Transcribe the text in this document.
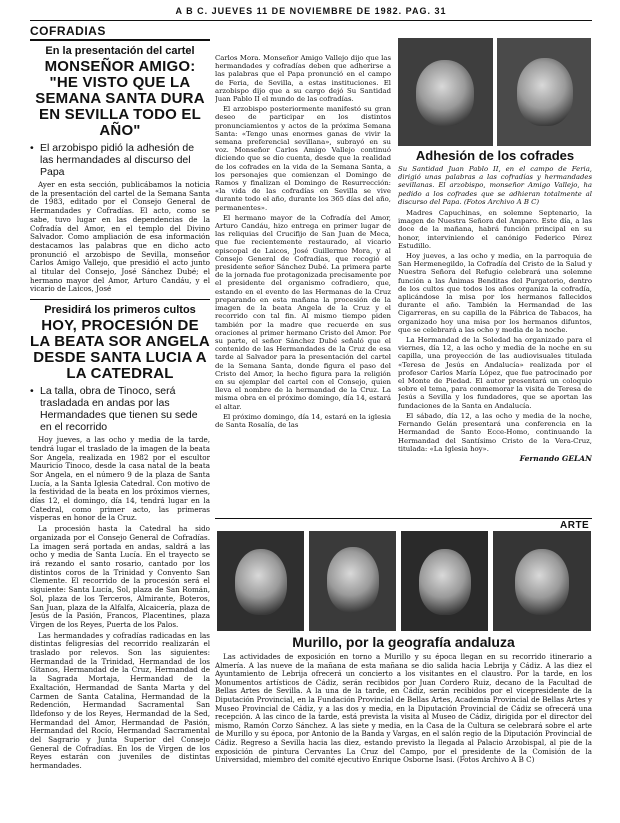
A B C. JUEVES 11 DE NOVIEMBRE DE 1982. PAG. 31
COFRADIAS
En la presentación del cartel
MONSEÑOR AMIGO: "HE VISTO QUE LA SEMANA SANTA DURA EN SEVILLA TODO EL AÑO"
• El arzobispo pidió la adhesión de las hermandades al discurso del Papa

Ayer en esta sección, publicábamos la noticia de la presentación del cartel de la Semana Santa de 1983, editado por el Consejo General de Hermandades y Cofradías. El acto, como se sabe, tuvo lugar en las dependencias de la Cofradía del Amor, en el templo del Divino Salvador. Como ampliación de esa información destacamos las palabras que en dicho acto pronunció el arzobispo de Sevilla, monseñor Carlos Amigo Vallejo, que presidió el acto junto al titular del Consejo, José Sánchez Dubé; el hermano mayor del Amor, Arturo Candáu, y el vicario de Laicos, José

Presidirá los primeros cultos
HOY, PROCESIÓN DE LA BEATA SOR ANGELA DESDE SANTA LUCIA A LA CATEDRAL
• La talla, obra de Tinoco, será trasladada en andas por las Hermandades que tienen su sede en el recorrido

Hoy jueves, a las ocho y media de la tarde, tendrá lugar el traslado de la imagen de la beata Sor Angela, realizada en 1982 por el escultor Mauricio Tinoco, desde la casa natal de la beata Sor Angela, en el número 9 de la plaza de Santa Lucía, a la Santa Iglesia Catedral. Con motivo de la festividad de la beata en los próximos viernes, días 12, el domingo, día 14, tendrá lugar en la Catedral, como primer acto, las primeras vísperas en honor de la Cruz.

La procesión hasta la Catedral ha sido organizada por el Consejo General de Cofradías. La imagen será portada en andas, saldrá a las ocho y media de Santa Lucía. En el trayecto se irá rezando el santo rosario, cantado por los distintos coros de la Trinidad y Convento San Clemente. El recorrido de la procesión será el siguiente: Santa Lucía, Sol, plaza de San Román, Sol, plaza de los Terceros, Almirante, Boteros, San Juan, plaza de la Alfalfa, Alcaicería, plaza de Jesús de la Pasión, Francos, Placentines, plaza Virgen de los Reyes, Puerta de los Palos.

Las hermandades y cofradías radicadas en las distintas feligresías del recorrido realizarán el traslado por relevos. Son las siguientes: Hermandad de la Trinidad, Hermandad de los Gitanos, Hermandad de la Cruz, Hermandad de la Sagrada Mortaja, Hermandad de la Exaltación, Hermandad de Santa Marta y del Carmen de Santa Catalina, Hermandad de la Redención, Hermandad Sacramental San Ildefonso y de los Reyes, Hermandad de la Sed, Hermandad del Amor, Hermandad de Pasión, Hermandad del Rocío, Hermandad Sacramental del Sagrario y Junta Superior del Consejo General de Cofradías. En los de Virgen de los Reyes estarán con juveniles de distintas hermandades.

Carlos Mora. Monseñor Amigo Vallejo dijo que las hermandades y cofradías deben que adherirse a las palabras que el Papa pronunció en el campo de Feria, de Sevilla, a estas instituciones. El arzobispo dijo que a su cargo dejó Su Santidad Juan Pablo II el mundo de las cofradías.

El arzobispo posteriormente manifestó su gran deseo de participar en los distintos pronunciamientos y actos de la próxima Semana Santa: «Tengo unas enormes ganas de vivir la semana preferencial sevillana», subrayó en su voz. Monseñor Carlos Amigo Vallejo continuó diciendo que se dio cuenta, desde que la realidad de los cofrades en la vida de la Semana Santa, a los personajes que comienzan el Domingo de Ramos y finalizan el Domingo de Resurrección: «la vida de las cofradías en Sevilla se vive durante todo el año, durante los 365 días del año, permanentes».

El hermano mayor de la Cofradía del Amor, Arturo Candáu, hizo entrega en primer lugar de las reliquias del Crucifijo de San Juan de Meca, que fue recientemente restaurado, al vicario episcopal de Laicos, José Guillermo Mora, y al Consejo General de Cofradías, que recogió el presidente señor Sánchez Dubé. La primera parte de la jornada fue protagonizada precisamente por el presidente del organismo cofradiero, que, estando en el evento de las Hermanas de la Cruz preparando en esta mañana la procesión de la imagen de la beata Angela de la Cruz y el recorrido con tal fin. Al mismo tiempo piden también por la madre que recuerde en sus oraciones al primer hermano Cristo del Amor. Por su parte, el señor Sánchez Dubé señaló que el contenido de las Hermandades de la Cruz de esa tarde al Salvador para la presentación del cartel de la Semana Santa, donde figura el paso del Cristo del Amor, la hecho figura para la religión en su ejemplar del cartel con el Consejo, quien lleva el nombre de la hermandad de la Cruz. La misma obra en el próximo domingo, día 14, estará el altar.

El próximo domingo, día 14, estará en la iglesia de Santa Rosalía, de las

Adhesión de los cofrades

Su Santidad Juan Pablo II, en el campo de Feria, dirigió unas palabras a las cofradías y hermandades sevillanas. El arzobispo, monseñor Amigo Vallejo, ha pedido a los cofrades que se adhieran totalmente al discurso del Papa. (Fotos Archivo A B C)

Madres Capuchinas, en solemne Septenario, la imagen de Nuestra Señora del Amparo. Este día, a las doce de la mañana, habrá función principal en su honor, interviniendo el canónigo Federico Pérez Estudillo.

Hoy jueves, a las ocho y media, en la parroquia de San Hermenegildo, la Cofradía del Cristo de la Salud y Nuestra Señora del Refugio celebrará una solemne función a las Ánimas Benditas del Purgatorio, dentro de los cultos que todos los años organiza la cofradía, aplicándose la misa por los hermanos fallecidos durante el año. También la Hermandad de las Cigarreras, en su capilla de la Fábrica de Tabacos, ha organizado hoy una misa por los hermanos difuntos, que se celebrará a las ocho y media de la noche.

La Hermandad de la Soledad ha organizado para el viernes, día 12, a las ocho y media de la noche en su capilla, una proyección de las audiovisuales titulada «Teresa de Jesús en Andalucía» realizada por el profesor Carlos María López, que fue patrocinado por el Monte de Piedad. El autor presentará un coloquio sobre el tema, para conmemorar la visita de Teresa de Jesús a Sevilla y los fundadores, que se aportan las fundaciones de la Santa en Andalucía.

El sábado, día 12, a las ocho y media de la noche, Fernando Gelán presentará una conferencia en la Hermandad de Santo Ecce-Homo, continuando la Hermandad del Santísimo Cristo de la Vera-Cruz, titulada: «La Iglesia hoy».

Fernando GELAN
ARTE
Murillo, por la geografía andaluza

Las actividades de exposición en torno a Murillo y su época llegan en su recorrido itinerario a Almería. A las nueve de la mañana de esta mañana se dio salida hacia Lebrija y Cádiz. A las diez el Ayuntamiento de Lebrija ofrecerá un concierto a los visitantes en el claustro. Por la tarde, en los Monumentos artísticos de Cádiz, serán recibidos por Juan Cordero Ruiz, decano de la Facultad de Bellas Artes de Sevilla. A la una de la tarde, en Cádiz, serán recibidos por el vicepresidente de la Diputación Provincial, en la Fundación Provincial de Bellas Artes, Academia Provincial de Bellas Artes y Museo Provincial de Cádiz, y a las dos y media, en la Diputación Provincial de Cádiz se ofrecerá una recepción. A las cinco de la tarde, está prevista la visita al Museo de Cádiz, dirigida por el director del mismo, Ramón Corzo Sánchez. A las siete y media, en la Casa de la Cultura se celebrará sobre el arte de Murillo y su época, por Antonio de la Banda y Vargas, en el salón regio de la Diputación Provincial de Cádiz. Regreso a Sevilla hacia las diez, estando previsto la llegada al Palacio Arzobispal, al pie de la exposición de pintura Cervantes La Cruz del Campo, por el presidente de la Comisión de la Universidad, miembro del comité ejecutivo Enrique Osborne Isasi. (Fotos Archivo A B C)
